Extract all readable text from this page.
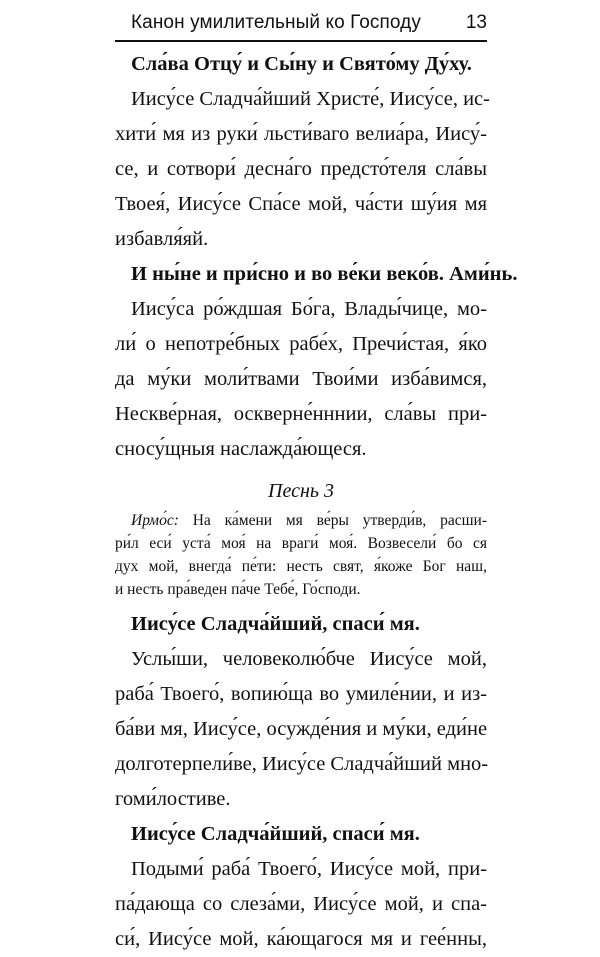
Канон умилительный ко Господу 13
Сла́ва Отцу́ и Сы́ну и Свято́му Ду́ху.
Иису́се Сладча́йший Христе́, Иису́се, ис-
хити́ мя из руки́ льсти́ваго велиа́ра, Иису́-
се, и сотвори́ десна́го предсто́теля сла́вы
Твоея́, Иису́се Спа́се мой, ча́сти шу́ия мя
избавля́яй.
И ны́не и при́сно и во ве́ки веко́в. Ами́нь.
Иису́са ро́ждшая Бо́га, Влады́чице, мо-
ли́ о непотре́бных рабе́х, Пречи́стая, я́ко
да му́ки моли́твами Твои́ми изба́вимся,
Нескве́рная, оскверне́нннии, сла́вы при-
сносу́щныя наслажда́ющеся.
Песнь 3
Ирмо́с: На ка́мени мя ве́ры утверди́в, расши-
ри́л еси́ уста́ моя́ на враги́ моя́. Возвесели́ бо ся
дух мой, внегда́ пе́ти: несть свят, я́коже Бог наш,
и несть пра́веден па́че Тебе́, Го́споди.
Иису́се Сладча́йший, спаси́ мя.
Услы́ши, человеколю́бче Иису́се мой,
раба́ Твоего́, вопию́ща во умиле́нии, и из-
ба́ви мя, Иису́се, осужде́ния и му́ки, еди́не
долготерпели́ве, Иису́се Сладча́йший мно-
гоми́лостиве.
Иису́се Сладча́йший, спаси́ мя.
Подыми́ раба́ Твоего́, Иису́се мой, при-
па́дающа со слеза́ми, Иису́се мой, и спа-
си́, Иису́се мой, ка́ющагося мя и гее́нны,
